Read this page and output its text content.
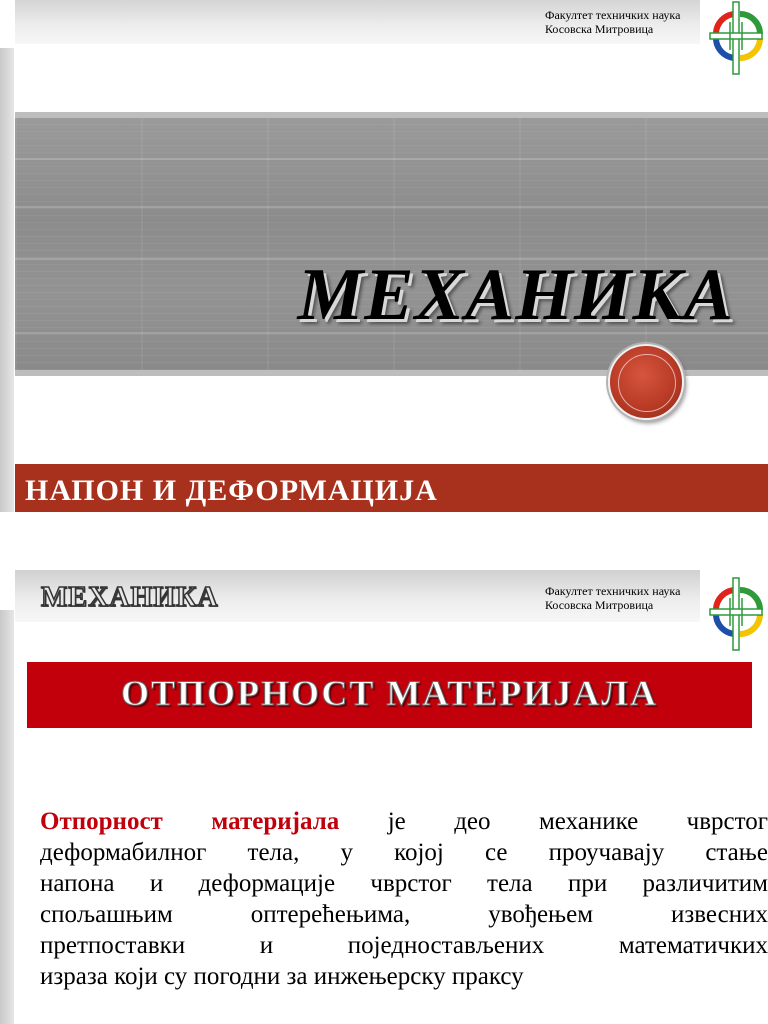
Факултет техничких наука
Косовска Митровица
МЕХАНИКА
НАПОН И ДЕФОРМАЦИЈА
МЕХАНИКА	Факултет техничких наука
Косовска Митровица
ОТПОРНОСТ МАТЕРИЈАЛА
Отпорност материјала је део механике чврстог
деформабилног тела, у којој се проучавају стање
напона и деформације чврстог тела при различитим
спољашњим	оптерећењима,	увођењем	извесних
претпоставки	и	поједностављених	математичких
израза који су погодни за инжењерску праксу
